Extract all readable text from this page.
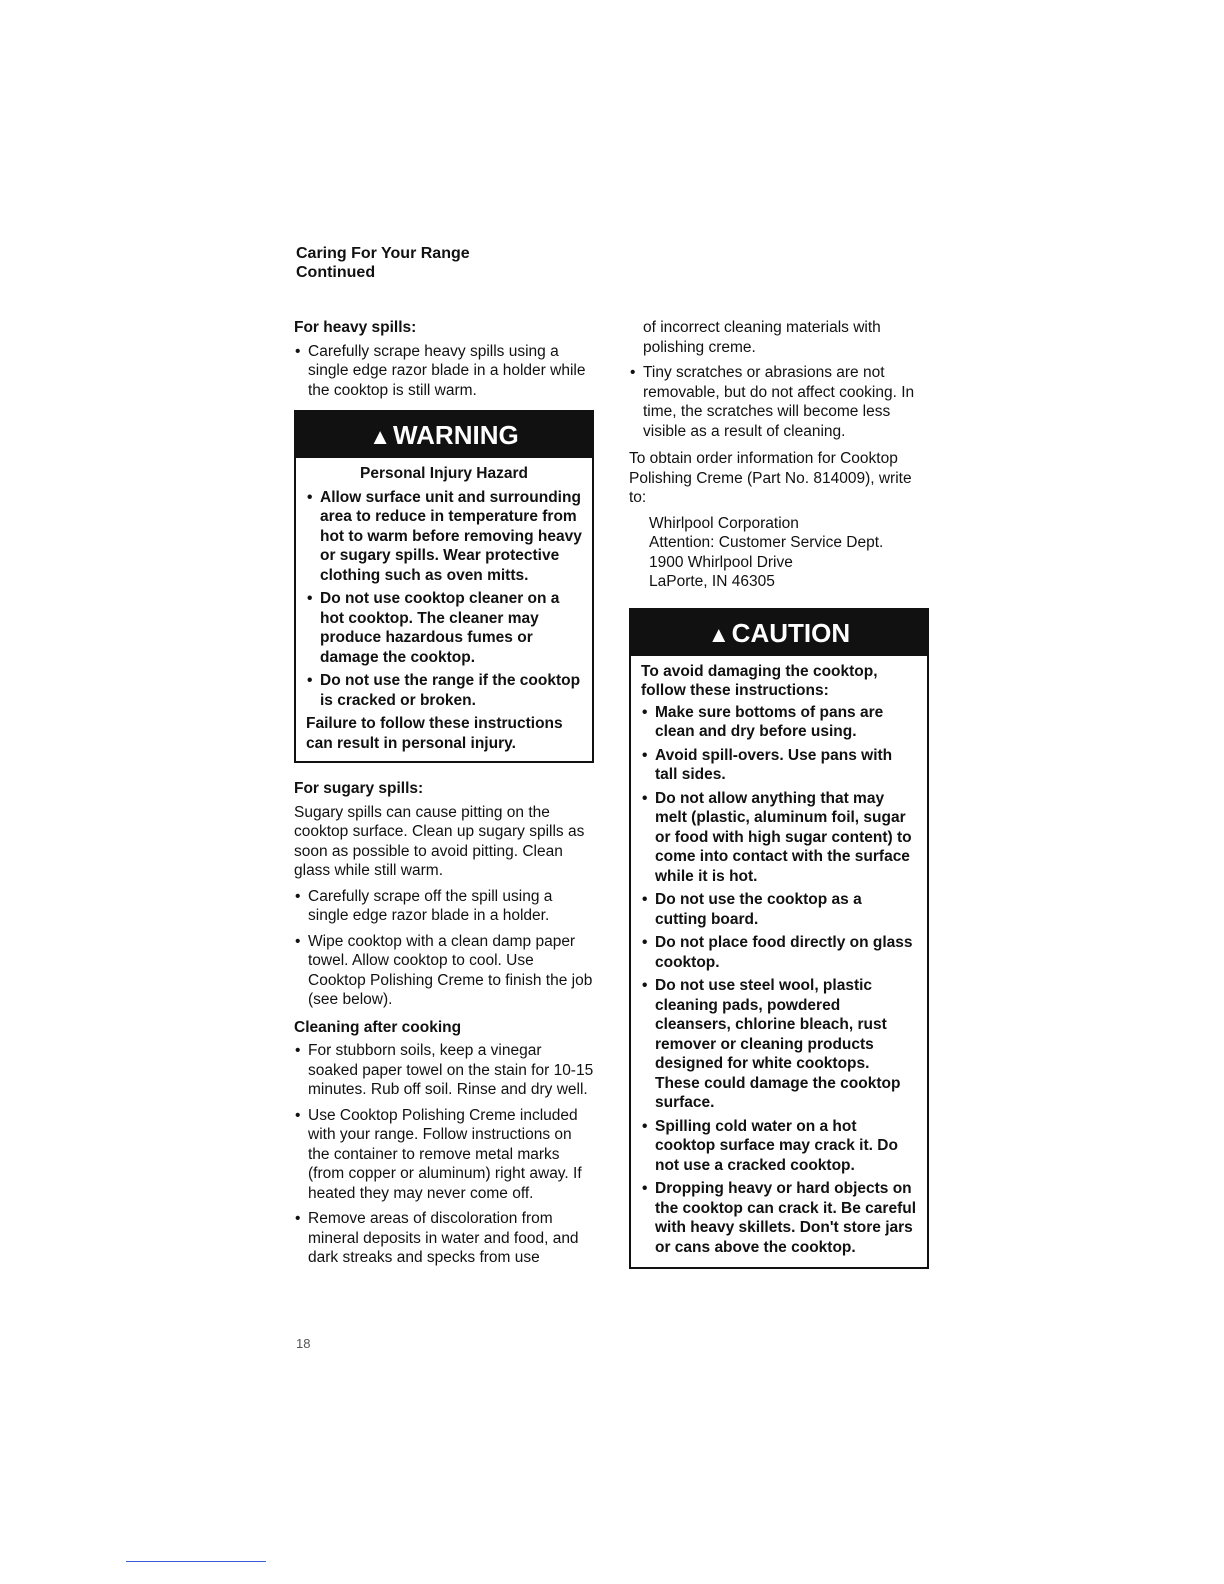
Caring For Your Range
Continued
For heavy spills:
• Carefully scrape heavy spills using a single edge razor blade in a holder while the cooktop is still warm.
▲WARNING
Personal Injury Hazard
• Allow surface unit and surrounding area to reduce in temperature from hot to warm before removing heavy or sugary spills. Wear protective clothing such as oven mitts.
• Do not use cooktop cleaner on a hot cooktop. The cleaner may produce hazardous fumes or damage the cooktop.
• Do not use the range if the cooktop is cracked or broken.

Failure to follow these instructions can result in personal injury.

For sugary spills:

Sugary spills can cause pitting on the cooktop surface. Clean up sugary spills as soon as possible to avoid pitting. Clean glass while still warm.

• Carefully scrape off the spill using a single edge razor blade in a holder.
• Wipe cooktop with a clean damp paper towel. Allow cooktop to cool. Use Cooktop Polishing Creme to finish the job (see below).
Cleaning after cooking
• For stubborn soils, keep a vinegar soaked paper towel on the stain for 10-15 minutes. Rub off soil. Rinse and dry well.
• Use Cooktop Polishing Creme included with your range. Follow instructions on the container to remove metal marks (from copper or aluminum) right away. If heated they may never come off.
• Remove areas of discoloration from mineral deposits in water and food, and dark streaks and specks from use
of incorrect cleaning materials with polishing creme.
• Tiny scratches or abrasions are not removable, but do not affect cooking. In time, the scratches will become less visible as a result of cleaning.

To obtain order information for Cooktop Polishing Creme (Part No. 814009), write to:

Whirlpool Corporation
Attention: Customer Service Dept.
1900 Whirlpool Drive
LaPorte, IN 46305
▲CAUTION

To avoid damaging the cooktop, follow these instructions:

• Make sure bottoms of pans are clean and dry before using.
• Avoid spill-overs. Use pans with tall sides.
• Do not allow anything that may melt (plastic, aluminum foil, sugar or food with high sugar content) to come into contact with the surface while it is hot.
• Do not use the cooktop as a cutting board.
• Do not place food directly on glass cooktop.
• Do not use steel wool, plastic cleaning pads, powdered cleansers, chlorine bleach, rust remover or cleaning products designed for white cooktops. These could damage the cooktop surface.
• Spilling cold water on a hot cooktop surface may crack it. Do not use a cracked cooktop.
• Dropping heavy or hard objects on the cooktop can crack it. Be careful with heavy skillets. Don't store jars or cans above the cooktop.
18
